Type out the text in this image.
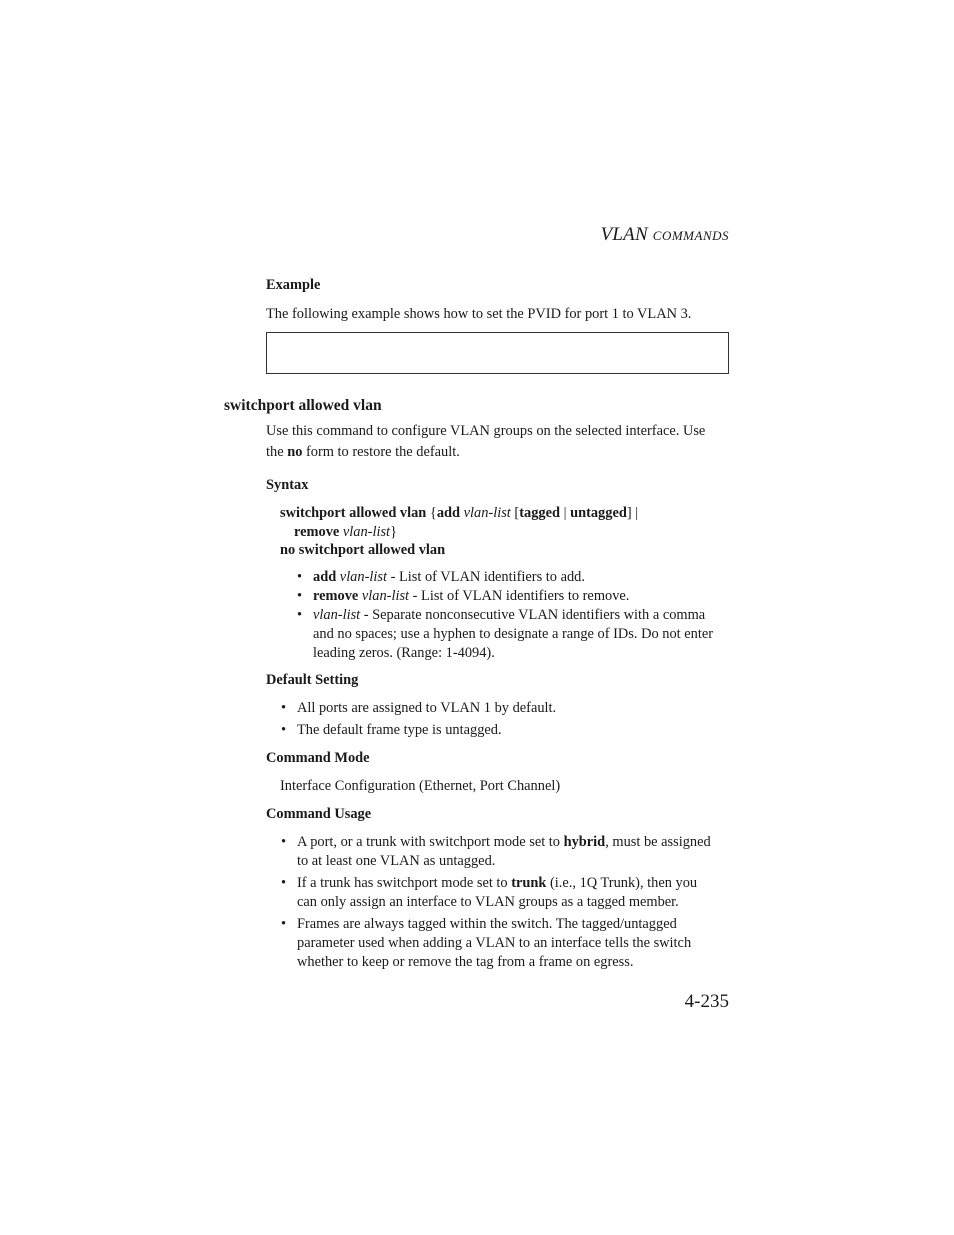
VLAN COMMANDS
Example
The following example shows how to set the PVID for port 1 to VLAN 3.
switchport allowed vlan
Use this command to configure VLAN groups on the selected interface. Use
the no form to restore the default.
Syntax
switchport allowed vlan {add vlan-list [tagged | untagged] |
remove vlan-list}
no switchport allowed vlan
• add vlan-list - List of VLAN identifiers to add.
• remove vlan-list - List of VLAN identifiers to remove.
• vlan-list - Separate nonconsecutive VLAN identifiers with a comma
and no spaces; use a hyphen to designate a range of IDs. Do not enter
leading zeros. (Range: 1-4094).
Default Setting
• All ports are assigned to VLAN 1 by default.
• The default frame type is untagged.
Command Mode
Interface Configuration (Ethernet, Port Channel)
Command Usage
• A port, or a trunk with switchport mode set to hybrid, must be assigned
to at least one VLAN as untagged.
• If a trunk has switchport mode set to trunk (i.e., 1Q Trunk), then you
can only assign an interface to VLAN groups as a tagged member.
• Frames are always tagged within the switch. The tagged/untagged
parameter used when adding a VLAN to an interface tells the switch
whether to keep or remove the tag from a frame on egress.
4-235
